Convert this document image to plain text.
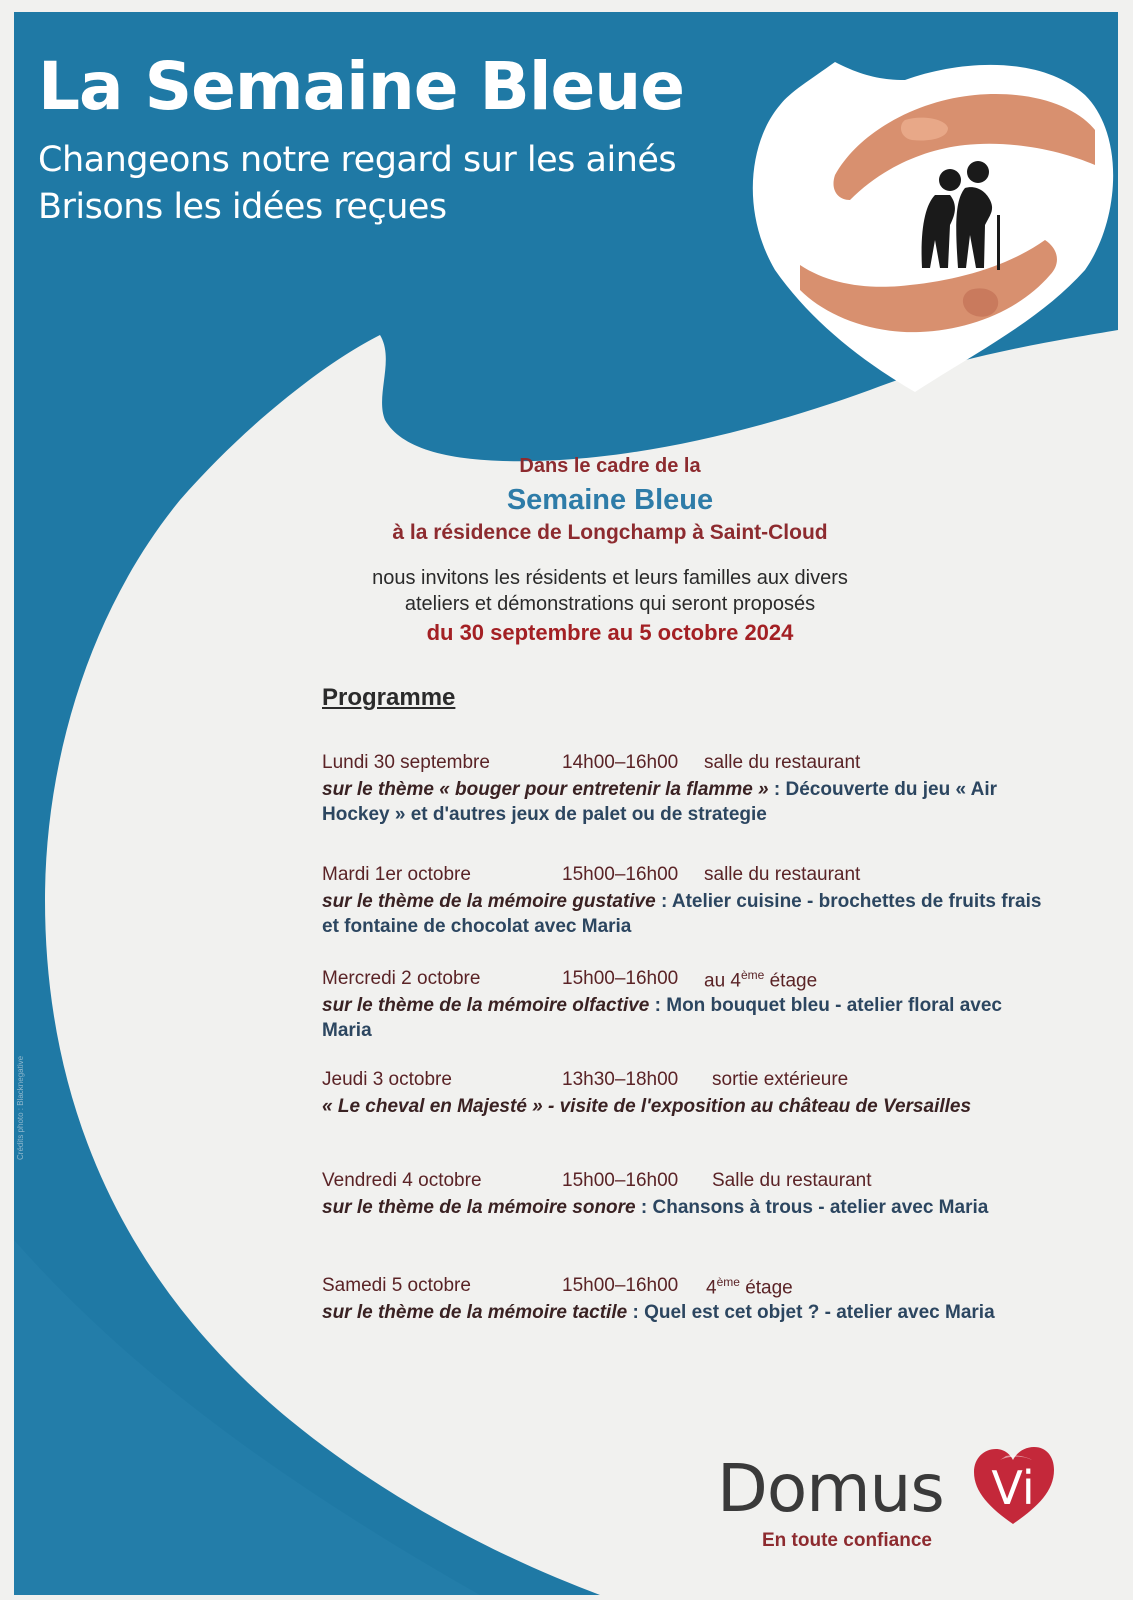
La Semaine Bleue
Changeons notre regard sur les ainés
Brisons les idées reçues
Dans le cadre de la
Semaine Bleue
à la résidence de Longchamp à Saint-Cloud
nous invitons les résidents et leurs familles aux divers
ateliers et démonstrations qui seront proposés
du 30 septembre au 5 octobre 2024
Programme
Lundi 30 septembre	14h00–16h00 salle du restaurant
sur le thème « bouger pour entretenir la flamme » : Découverte du jeu « Air Hockey » et d'autres jeux de palet ou de strategie
Mardi 1er octobre	15h00–16h00 salle du restaurant
sur le thème de la mémoire gustative : Atelier cuisine - brochettes de fruits frais et fontaine de chocolat avec Maria
Mercredi 2 octobre	15h00–16h00 au 4ème étage
sur le thème de la mémoire olfactive : Mon bouquet bleu - atelier floral avec Maria
Jeudi 3 octobre	13h30–18h00 sortie extérieure
« Le cheval en Majesté » - visite de l'exposition au château de Versailles
Vendredi 4 octobre	15h00–16h00 Salle du restaurant
sur le thème de la mémoire sonore : Chansons à trous - atelier avec Maria
Samedi 5 octobre	15h00–16h00 4ème étage
sur le thème de la mémoire tactile : Quel est cet objet ? - atelier avec Maria
Crédits photo : Blacknegative
Domus Vi
En toute confiance
